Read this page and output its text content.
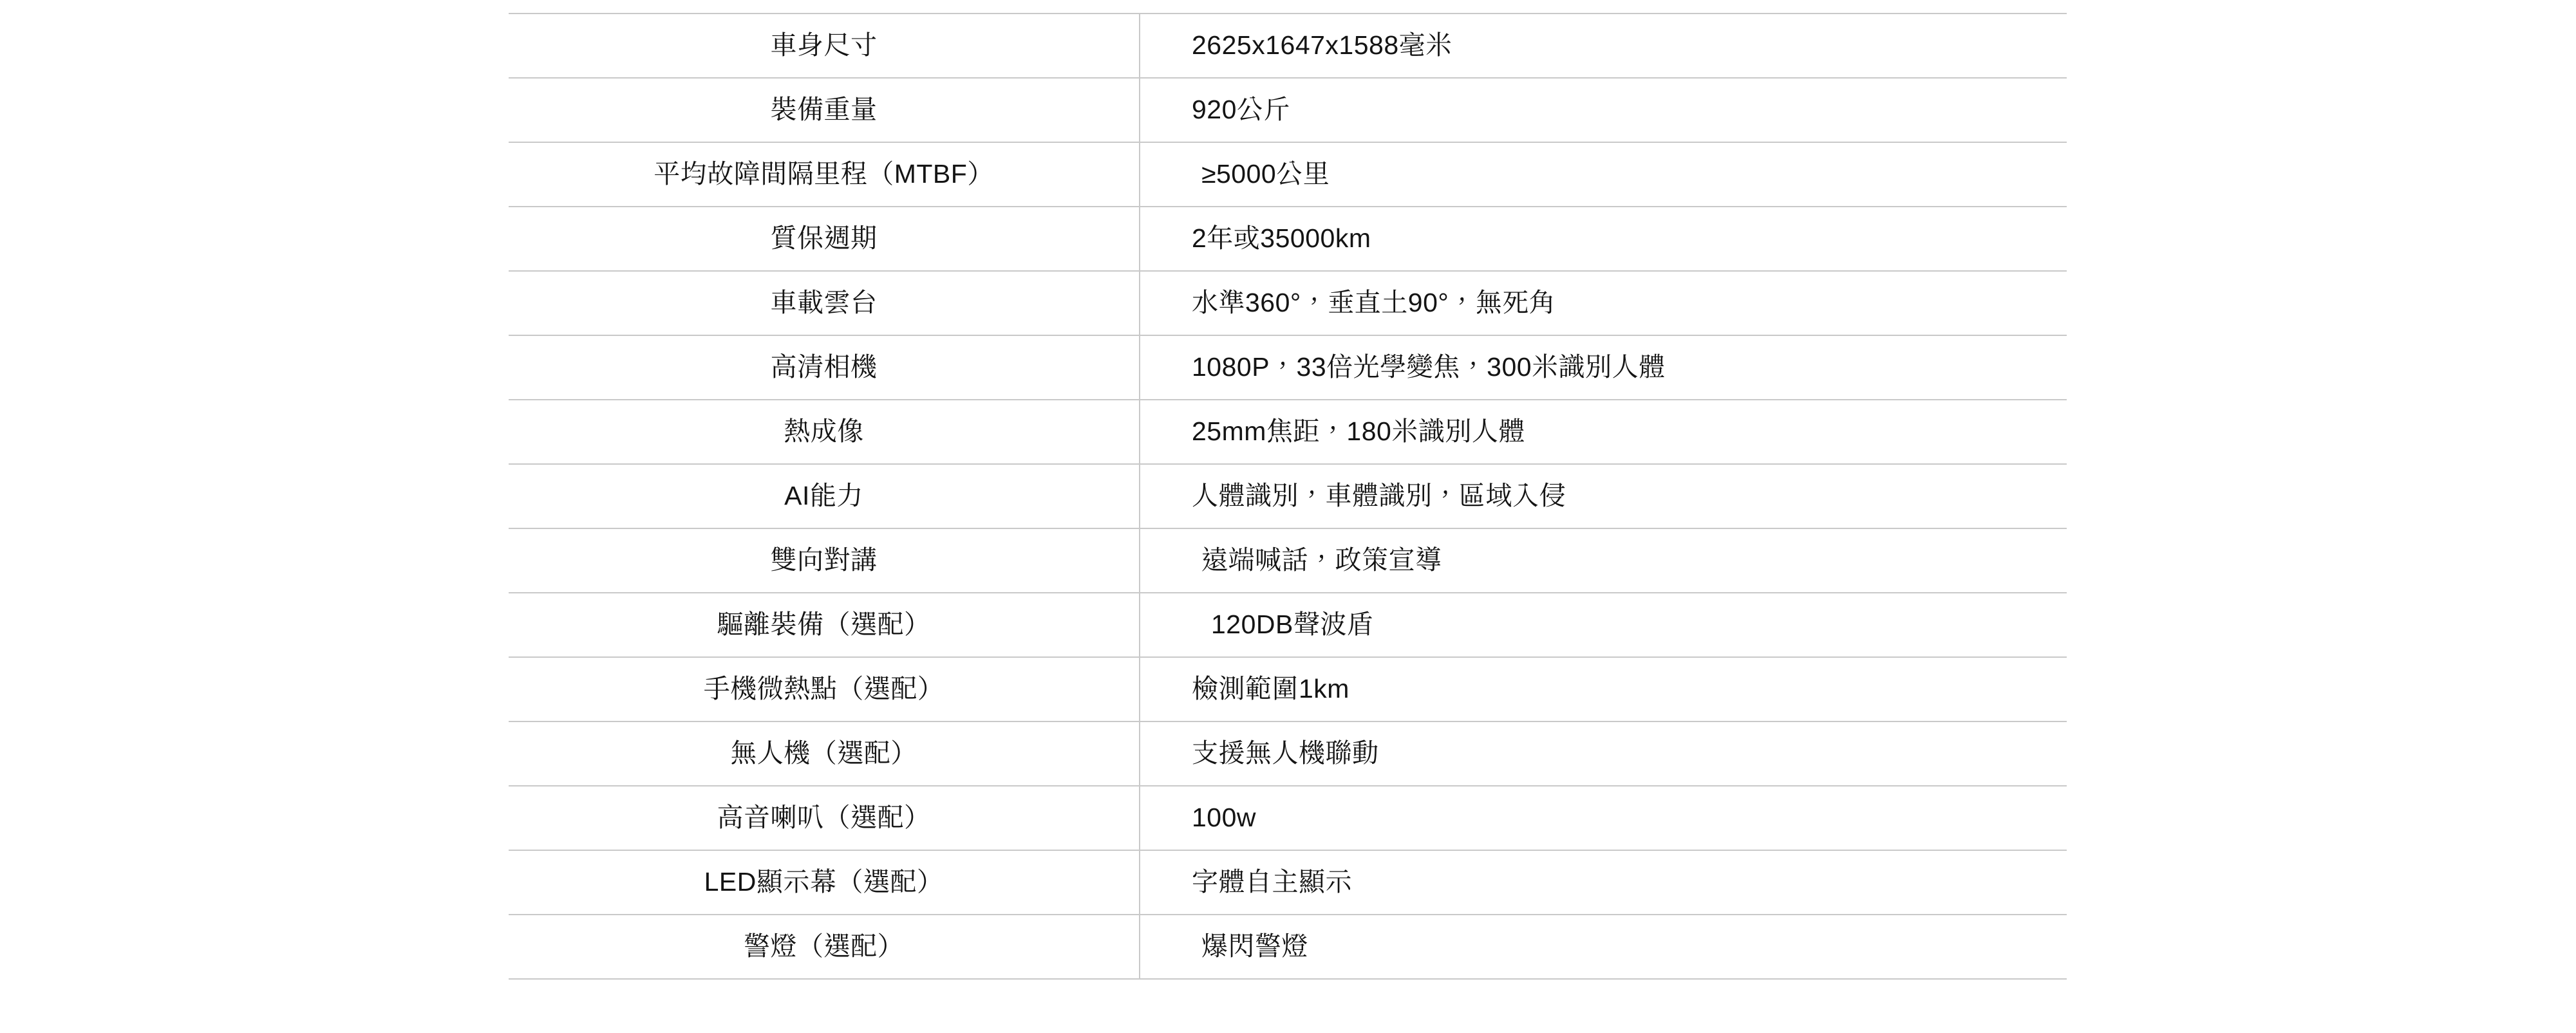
車身尺寸	2625x1647x1588毫米
裝備重量	920公斤
平均故障間隔里程（MTBF）	≥5000公里
質保週期	2年或35000km
車載雲台	水準360°，垂直土90°，無死角
高清相機	1080P，33倍光學變焦，300米識別人體
熱成像	25mm焦距，180米識別人體
AI能力	人體識別，車體識別，區域入侵
雙向對講	遠端喊話，政策宣導
驅離裝備（選配）	120DB聲波盾
手機微熱點（選配）	檢測範圍1km
無人機（選配）	支援無人機聯動
高音喇叭（選配）	100w
LED顯示幕（選配）	字體自主顯示
警燈（選配）	爆閃警燈
